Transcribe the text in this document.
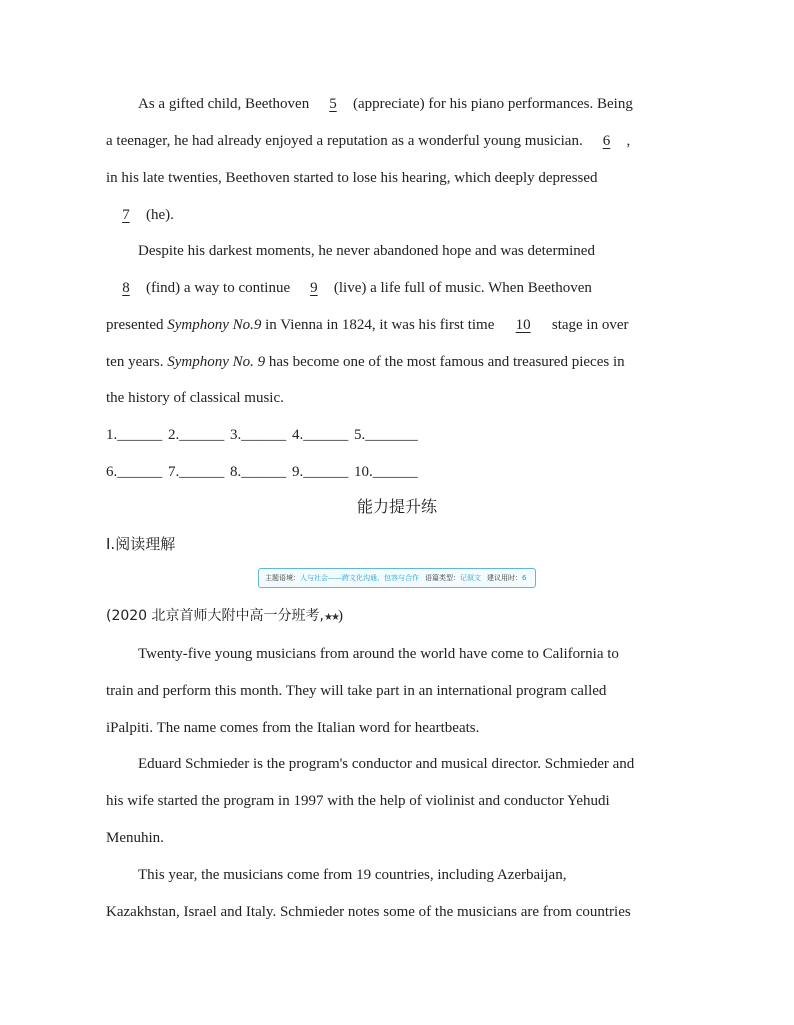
As a gifted child, Beethoven 5 (appreciate) for his piano performances. Being
a teenager, he had already enjoyed a reputation as a wonderful young musician. 6 ,
in his late twenties, Beethoven started to lose his hearing, which deeply depressed
7 (he).
Despite his darkest moments, he never abandoned hope and was determined
8 (find) a way to continue 9 (live) a life full of music. When Beethoven
presented Symphony No.9 in Vienna in 1824, it was his first time 10 stage in over
ten years. Symphony No. 9 has become one of the most famous and treasured pieces in
the history of classical music.
1.______ 2.______ 3.______ 4.______ 5._______
6.______ 7.______ 8.______ 9.______ 10.______
能力提升练
Ⅰ.阅读理解
主题语境：人与社会——跨文化沟通、包容与合作 语篇类型：记叙文 建议用时：6
(2020 北京首师大附中高一分班考,★★)
Twenty-five young musicians from around the world have come to California to
train and perform this month. They will take part in an international program called
iPalpiti. The name comes from the Italian word for heartbeats.
Eduard Schmieder is the program's conductor and musical director. Schmieder and
his wife started the program in 1997 with the help of violinist and conductor Yehudi
Menuhin.
This year, the musicians come from 19 countries, including Azerbaijan,
Kazakhstan, Israel and Italy. Schmieder notes some of the musicians are from countries
